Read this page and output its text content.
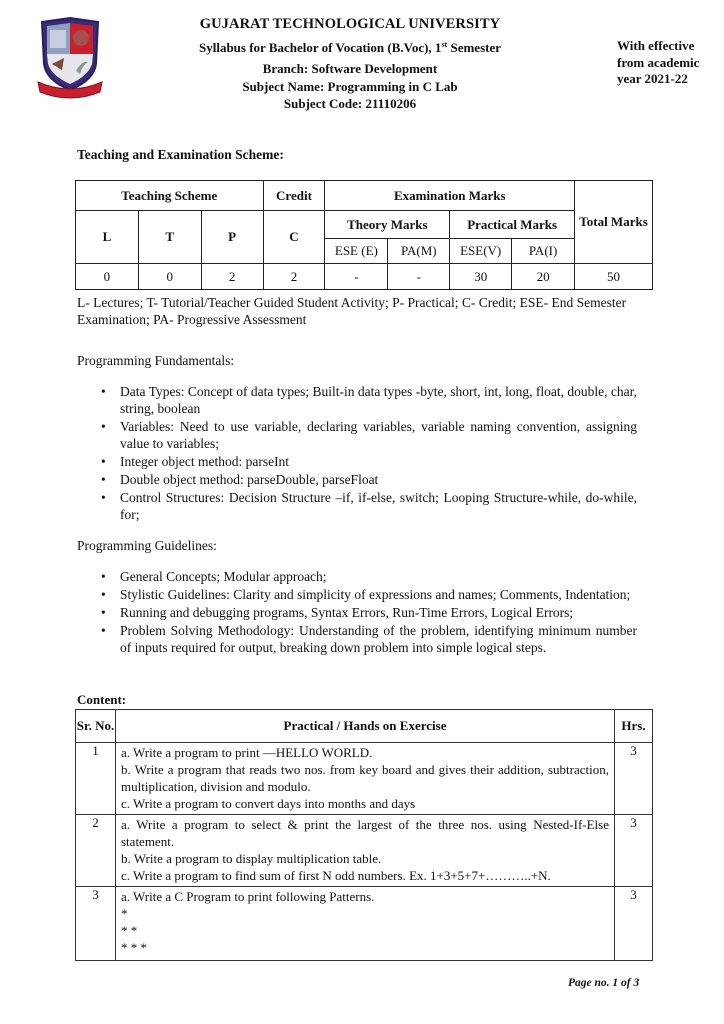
GUJARAT TECHNOLOGICAL UNIVERSITY
Syllabus for Bachelor of Vocation (B.Voc), 1st Semester
Branch: Software Development
Subject Name: Programming in C Lab
Subject Code: 21110206
With effective
from academic
year 2021-22
Teaching and Examination Scheme:
Teaching Scheme			Credit	Examination Marks				Total Marks
L	T	P	C	Theory Marks		Practical Marks		
				ESE (E)	PA(M)	ESE(V)	PA(I)	
0	0	2	2	-	-	30	20	50
L- Lectures; T- Tutorial/Teacher Guided Student Activity; P- Practical; C- Credit; ESE- End Semester Examination; PA- Progressive Assessment
Programming Fundamentals:
• Data Types: Concept of data types; Built-in data types -byte, short, int, long, float, double, char, string, boolean
• Variables: Need to use variable, declaring variables, variable naming convention, assigning value to variables;
• Integer object method: parseInt
• Double object method: parseDouble, parseFloat
• Control Structures: Decision Structure –if, if-else, switch; Looping Structure-while, do-while, for;
Programming Guidelines:
• General Concepts; Modular approach;
• Stylistic Guidelines: Clarity and simplicity of expressions and names; Comments, Indentation;
• Running and debugging programs, Syntax Errors, Run-Time Errors, Logical Errors;
• Problem Solving Methodology: Understanding of the problem, identifying minimum number of inputs required for output, breaking down problem into simple logical steps.
Content:
Sr. No.	Practical / Hands on Exercise	Hrs.
1	a. Write a program to print —HELLO WORLD.
b. Write a program that reads two nos. from key board and gives their addition, subtraction, multiplication, division and modulo.
c. Write a program to convert days into months and days	3
2	a. Write a program to select & print the largest of the three nos. using Nested-If-Else statement.
b. Write a program to display multiplication table.
c. Write a program to find sum of first N odd numbers. Ex. 1+3+5+7+………..+N.	3
3	a. Write a C Program to print following Patterns.
*
* *
* * *	3
Page no. 1 of 3
